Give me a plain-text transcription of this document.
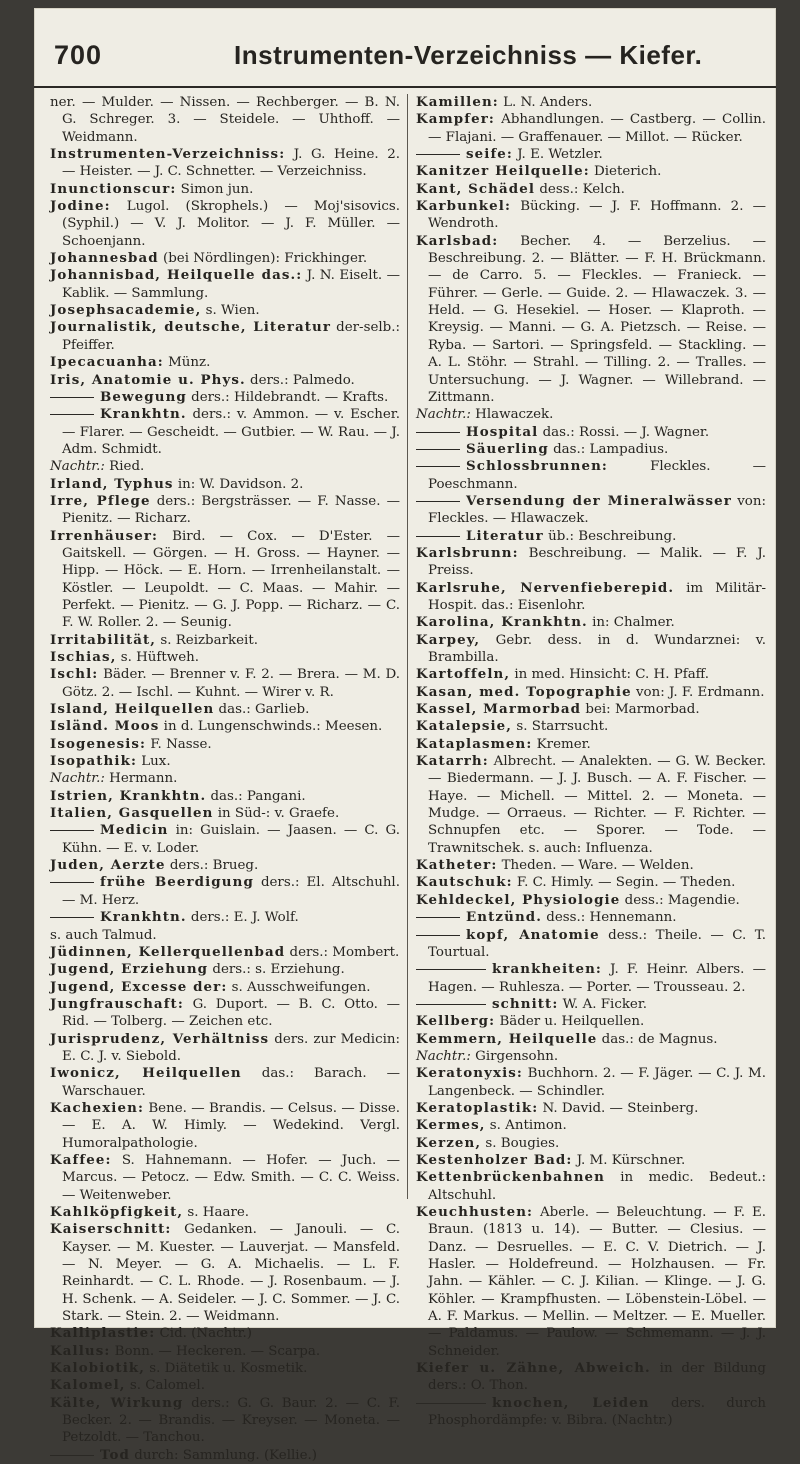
700	Instrumenten-Verzeichniss — Kiefer.

ner. — Mulder. — Nissen. — Rechberger. — B. N. G. Schreger. 3. — Steidele. — Uhthoff. — Weidmann.

Instrumenten-Verzeichniss: J. G. Heine. 2. — Heister. — J. C. Schnetter. — Verzeichniss.

Inunctionscur: Simon jun.

Jodine: Lugol. (Skrophels.) — Moj'sisovics. (Syphil.) — V. J. Molitor. — J. F. Müller. — Schoenjann.

Johannesbad (bei Nördlingen): Frickhinger.

Johannisbad, Heilquelle das.: J. N. Eiselt. — Kablik. — Sammlung.

Josephsacademie, s. Wien.

Journalistik, deutsche, Literatur der-selb.: Pfeiffer.

Ipecacuanha: Münz.

Iris, Anatomie u. Phys. ders.: Palmedo.

Bewegung ders.: Hildebrandt. — Krafts.

Krankhtn. ders.: v. Ammon. — v. Escher. — Flarer. — Gescheidt. — Gutbier. — W. Rau. — J. Adm. Schmidt.

Nachtr.: Ried.

Irland, Typhus in: W. Davidson. 2.

Irre, Pflege ders.: Bergsträsser. — F. Nasse. — Pienitz. — Richarz.

Irrenhäuser: Bird. — Cox. — D'Ester. — Gaitskell. — Görgen. — H. Gross. — Hayner. — Hipp. — Höck. — E. Horn. — Irrenheilanstalt. — Köstler. — Leupoldt. — C. Maas. — Mahir. — Perfekt. — Pienitz. — G. J. Popp. — Richarz. — C. F. W. Roller. 2. — Seunig.

Irritabilität, s. Reizbarkeit.

Ischias, s. Hüftweh.

Ischl: Bäder. — Brenner v. F. 2. — Brera. — M. D. Götz. 2. — Ischl. — Kuhnt. — Wirer v. R.

Island, Heilquellen das.: Garlieb.

Isländ. Moos in d. Lungenschwinds.: Meesen.

Isogenesis: F. Nasse.

Isopathik: Lux.

Nachtr.: Hermann.

Istrien, Krankhtn. das.: Pangani.

Italien, Gasquellen in Süd-: v. Graefe.

Medicin in: Guislain. — Jaasen. — C. G. Kühn. — E. v. Loder.

Juden, Aerzte ders.: Brueg.

frühe Beerdigung ders.: El. Altschuhl. — M. Herz.

Krankhtn. ders.: E. J. Wolf.

s. auch Talmud.

Jüdinnen, Kellerquellenbad ders.: Mombert.

Jugend, Erziehung ders.: s. Erziehung.

Jugend, Excesse der: s. Ausschweifungen.

Jungfrauschaft: G. Duport. — B. C. Otto. — Rid. — Tolberg. — Zeichen etc.

Jurisprudenz, Verhältniss ders. zur Medicin: E. C. J. v. Siebold.

Iwonicz, Heilquellen das.: Barach. — Warschauer.

Kachexien: Bene. — Brandis. — Celsus. — Disse. — E. A. W. Himly. — Wedekind. Vergl. Humoralpathologie.

Kaffee: S. Hahnemann. — Hofer. — Juch. — Marcus. — Petocz. — Edw. Smith. — C. C. Weiss. — Weitenweber.

Kahlköpfigkeit, s. Haare.

Kaiserschnitt: Gedanken. — Janouli. — C. Kayser. — M. Kuester. — Lauverjat. — Mansfeld. — N. Meyer. — G. A. Michaelis. — L. F. Reinhardt. — C. L. Rhode. — J. Rosenbaum. — J. H. Schenk. — A. Seideler. — J. C. Sommer. — J. C. Stark. — Stein. 2. — Weidmann.

Kalliplastie: Cid. (Nachtr.)

Kallus: Bonn. — Heckeren. — Scarpa.

Kalobiotik, s. Diätetik u. Kosmetik.

Kalomel, s. Calomel.

Kälte, Wirkung ders.: G. G. Baur. 2. — C. F. Becker. 2. — Brandis. — Kreyser. — Moneta. — Petzoldt. — Tanchou.

Tod durch: Sammlung. (Kellie.)

Kamillen: L. N. Anders.

Kampfer: Abhandlungen. — Castberg. — Collin. — Flajani. — Graffenauer. — Millot. — Rücker.

seife: J. E. Wetzler.

Kanitzer Heilquelle: Dieterich.

Kant, Schädel dess.: Kelch.

Karbunkel: Bücking. — J. F. Hoffmann. 2. — Wendroth.

Karlsbad: Becher. 4. — Berzelius. — Beschreibung. 2. — Blätter. — F. H. Brückmann. — de Carro. 5. — Fleckles. — Franieck. — Führer. — Gerle. — Guide. 2. — Hlawaczek. 3. — Held. — G. Hesekiel. — Hoser. — Klaproth. — Kreysig. — Manni. — G. A. Pietzsch. — Reise. — Ryba. — Sartori. — Springsfeld. — Stackling. — A. L. Stöhr. — Strahl. — Tilling. 2. — Tralles. — Untersuchung. — J. Wagner. — Willebrand. — Zittmann.

Nachtr.: Hlawaczek.

Hospital das.: Rossi. — J. Wagner.

Säuerling das.: Lampadius.

Schlossbrunnen: Fleckles. — Poeschmann.

Versendung der Mineralwässer von: Fleckles. — Hlawaczek.

Literatur üb.: Beschreibung.

Karlsbrunn: Beschreibung. — Malik. — F. J. Preiss.

Karlsruhe, Nervenfieberepid. im Militär-Hospit. das.: Eisenlohr.

Karolina, Krankhtn. in: Chalmer.

Karpey, Gebr. dess. in d. Wundarznei: v. Brambilla.

Kartoffeln, in med. Hinsicht: C. H. Pfaff.

Kasan, med. Topographie von: J. F. Erdmann.

Kassel, Marmorbad bei: Marmorbad.

Katalepsie, s. Starrsucht.

Kataplasmen: Kremer.

Katarrh: Albrecht. — Analekten. — G. W. Becker. — Biedermann. — J. J. Busch. — A. F. Fischer. — Haye. — Michell. — Mittel. 2. — Moneta. — Mudge. — Orraeus. — Richter. — F. Richter. — Schnupfen etc. — Sporer. — Tode. — Trawnitschek. s. auch: Influenza.

Katheter: Theden. — Ware. — Welden.

Kautschuk: F. C. Himly. — Segin. — Theden.

Kehldeckel, Physiologie dess.: Magendie.

Entzünd. dess.: Hennemann.

kopf, Anatomie dess.: Theile. — C. T. Tourtual.

krankheiten: J. F. Heinr. Albers. — Hagen. — Ruhlesza. — Porter. — Trousseau. 2.

schnitt: W. A. Ficker.

Kellberg: Bäder u. Heilquellen.

Kemmern, Heilquelle das.: de Magnus.

Nachtr.: Girgensohn.

Keratonyxis: Buchhorn. 2. — F. Jäger. — C. J. M. Langenbeck. — Schindler.

Keratoplastik: N. David. — Steinberg.

Kermes, s. Antimon.

Kerzen, s. Bougies.

Kestenholzer Bad: J. M. Kürschner.

Kettenbrückenbahnen in medic. Bedeut.: Altschuhl.

Keuchhusten: Aberle. — Beleuchtung. — F. E. Braun. (1813 u. 14). — Butter. — Clesius. — Danz. — Desruelles. — E. C. V. Dietrich. — J. Hasler. — Holdefreund. — Holzhausen. — Fr. Jahn. — Kähler. — C. J. Kilian. — Klinge. — J. G. Köhler. — Krampfhusten. — Löbenstein-Löbel. — A. F. Markus. — Mellin. — Meltzer. — E. Mueller. — Paldamus. — Paulow. — Schmemann. — J. J. Schneider.

Kiefer u. Zähne, Abweich. in der Bildung ders.: O. Thon.

knochen, Leiden ders. durch Phosphordämpfe: v. Bibra. (Nachtr.)
